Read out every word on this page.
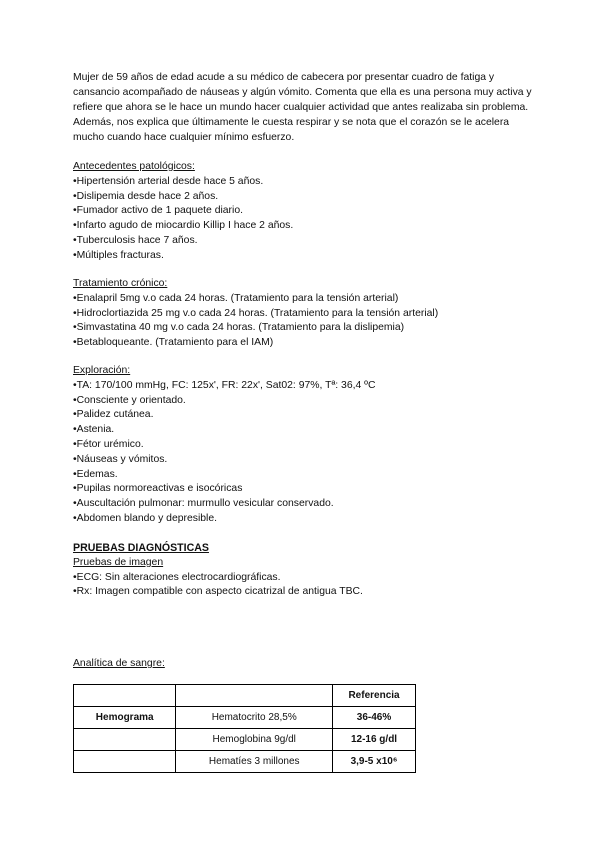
Mujer de 59 años de edad acude a su médico de cabecera por presentar cuadro de fatiga y cansancio acompañado de náuseas y algún vómito. Comenta que ella es una persona muy activa y refiere que ahora se le hace un mundo hacer cualquier actividad que antes realizaba sin problema. Además, nos explica que últimamente le cuesta respirar y se nota que el corazón se le acelera mucho cuando hace cualquier mínimo esfuerzo.

Antecedentes patológicos:

• Hipertensión arterial desde hace 5 años.
• Dislipemia desde hace 2 años.
• Fumador activo de 1 paquete diario.
• Infarto agudo de miocardio Killip I hace 2 años.
• Tuberculosis hace 7 años.
• Múltiples fracturas.

Tratamiento crónico:

• Enalapril 5mg v.o cada 24 horas. (Tratamiento para la tensión arterial)
• Hidroclortiazida 25 mg v.o cada 24 horas. (Tratamiento para la tensión arterial)
• Simvastatina 40 mg v.o cada 24 horas. (Tratamiento para la dislipemia)
• Betabloqueante. (Tratamiento para el IAM)

Exploración:

• TA: 170/100 mmHg, FC: 125x', FR: 22x', Sat02: 97%, Tª: 36,4 ºC
• Consciente y orientado.
• Palidez cutánea.
• Astenia.
• Fétor urémico.
• Náuseas y vómitos.
• Edemas.
• Pupilas normoreactivas e isocóricas
• Auscultación pulmonar: murmullo vesicular conservado.
• Abdomen blando y depresible.

PRUEBAS DIAGNÓSTICAS

Pruebas de imagen

• ECG: Sin alteraciones electrocardiográficas.
• Rx: Imagen compatible con aspecto cicatrizal de antigua TBC.

Analítica de sangre:

		Referencia
Hemograma	Hematocrito 28,5%	36-46%
	Hemoglobina 9g/dl	12-16 g/dl
	Hematíes 3 millones	3,9-5 x10⁶
